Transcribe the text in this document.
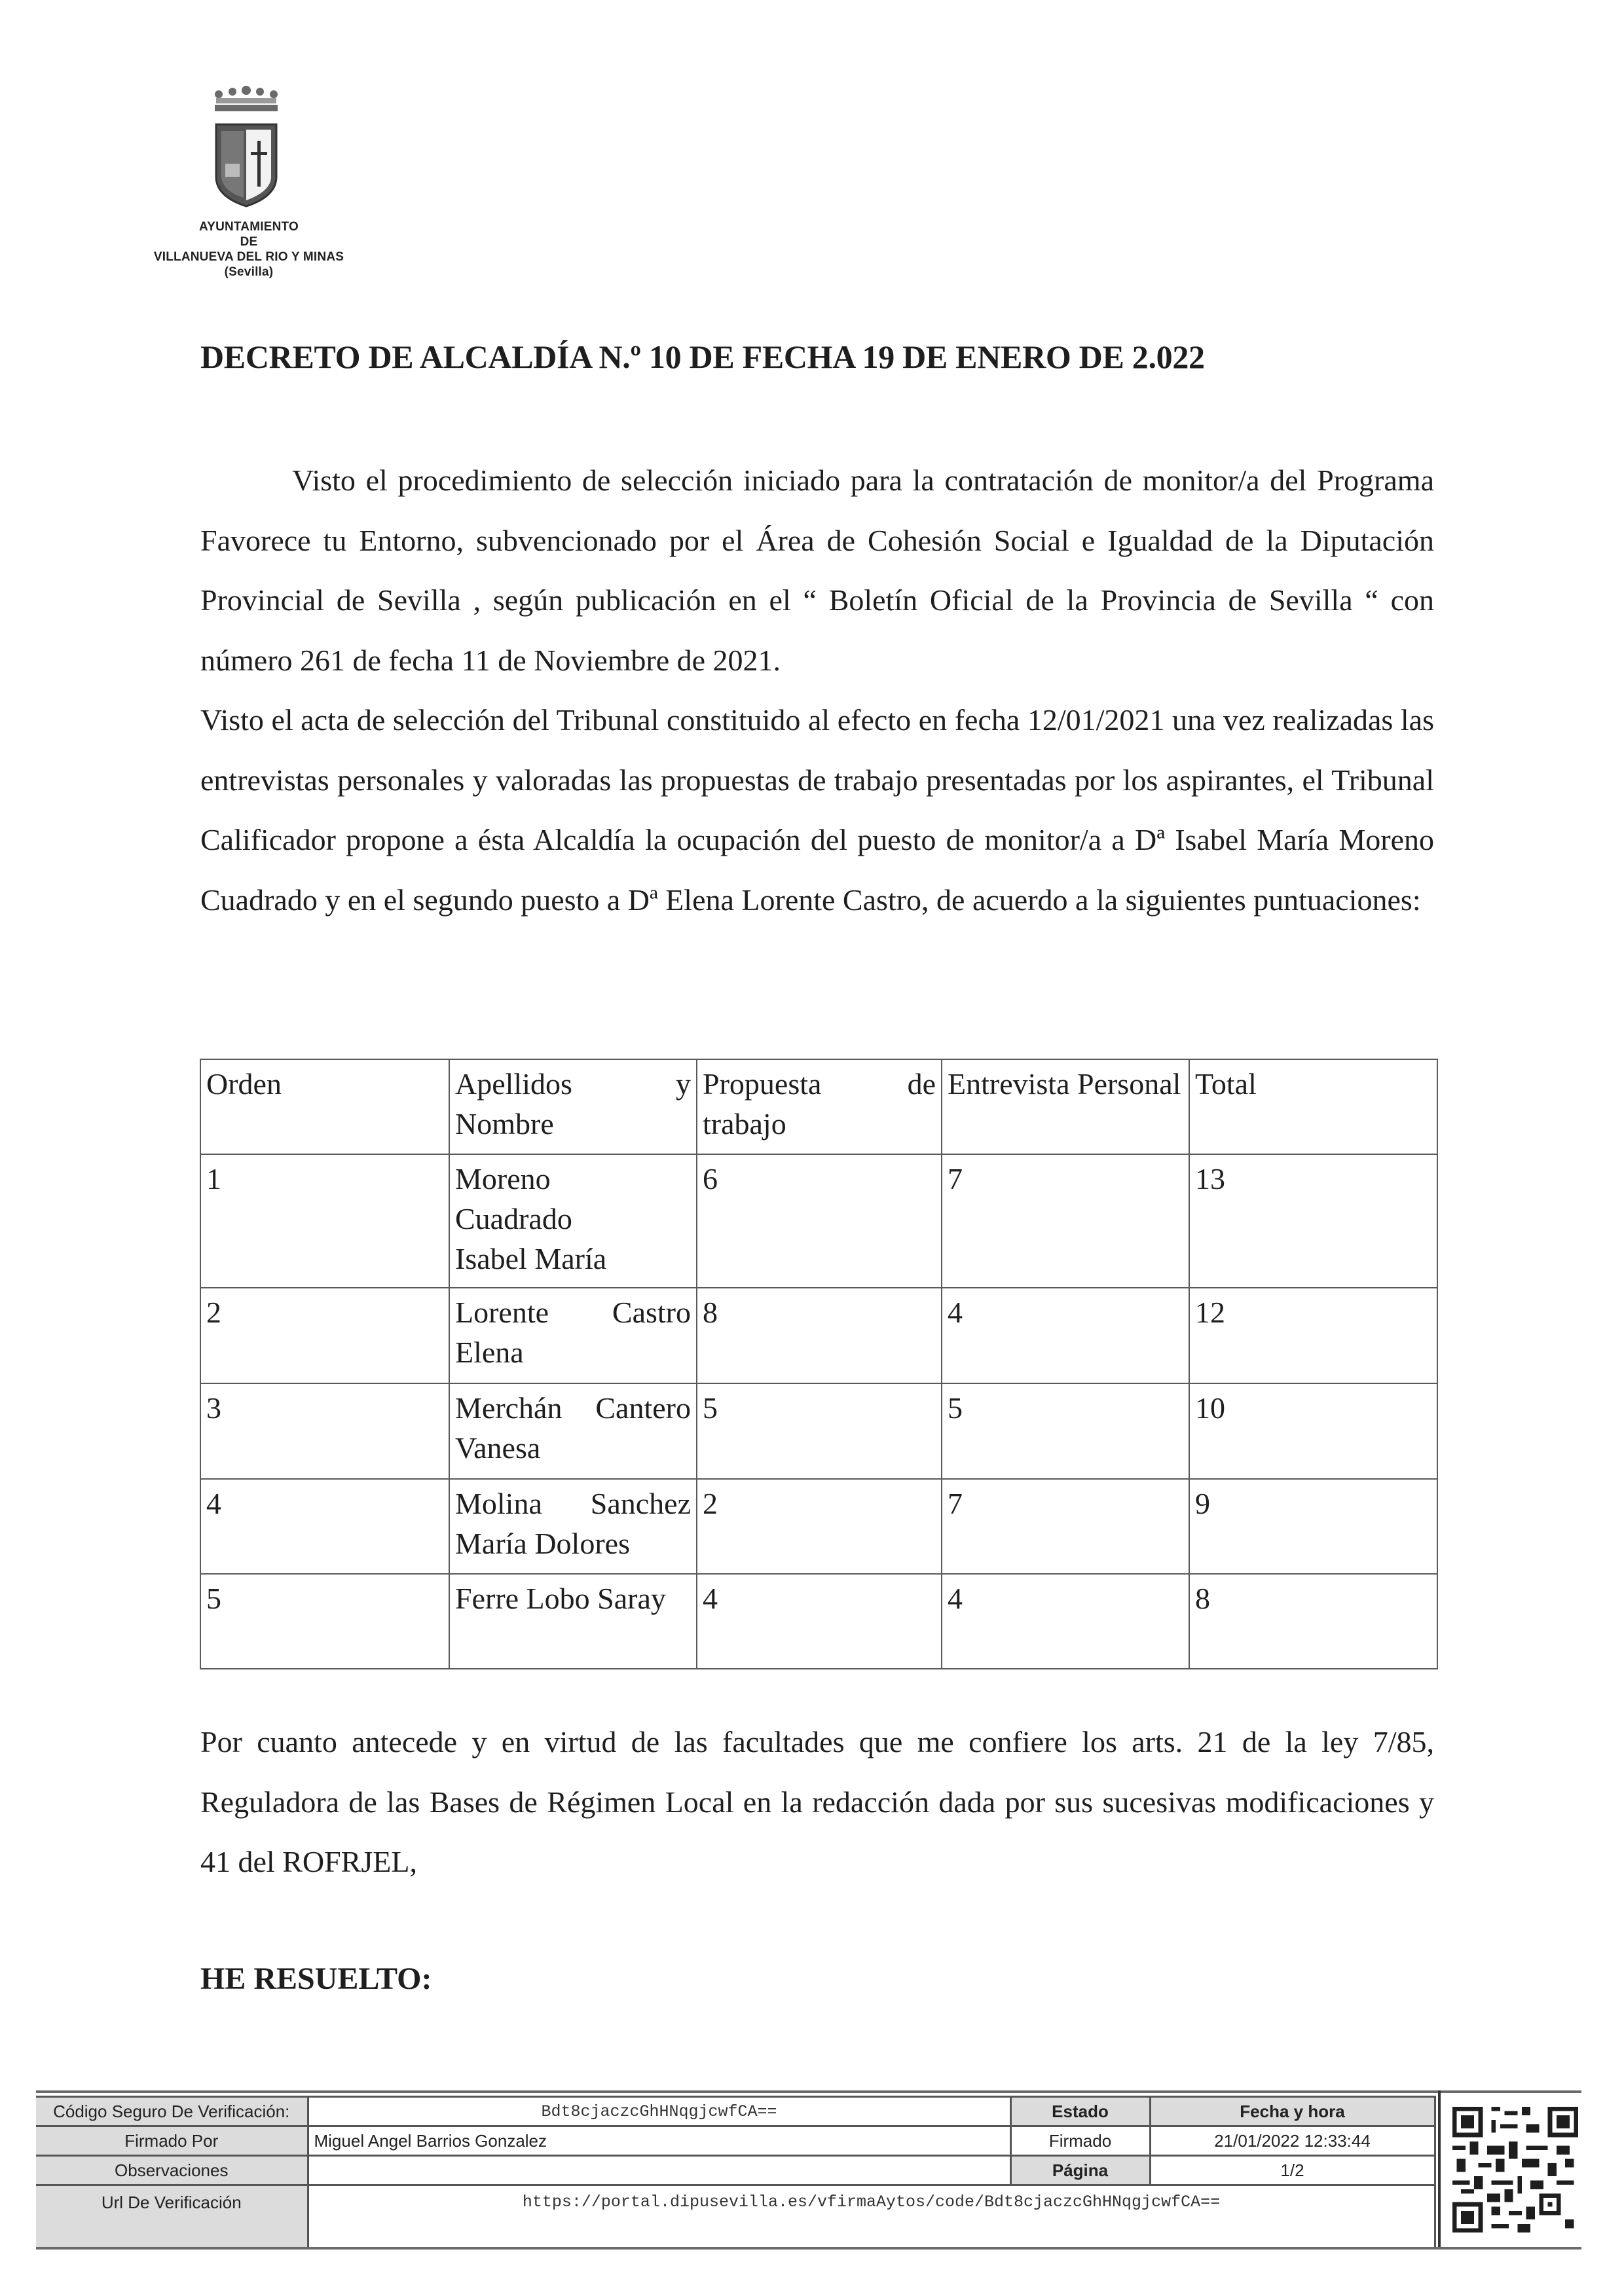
AYUNTAMIENTO
DE
VILLANUEVA DEL RIO Y MINAS
(Sevilla)
DECRETO DE ALCALDÍA N.º 10 DE FECHA 19 DE ENERO DE 2.022
Visto el procedimiento de selección iniciado para la contratación de monitor/a del Programa Favorece tu Entorno, subvencionado por el Área de Cohesión Social e Igualdad de la Diputación Provincial de Sevilla , según publicación en el “ Boletín Oficial de la Provincia de Sevilla “ con número 261 de fecha 11 de Noviembre de 2021.
Visto el acta de selección del Tribunal constituido al efecto en fecha 12/01/2021 una vez realizadas las entrevistas personales y valoradas las propuestas de trabajo presentadas por los aspirantes, el Tribunal Calificador propone a ésta Alcaldía la ocupación del puesto de monitor/a a Dª Isabel María Moreno Cuadrado y en el segundo puesto a Dª Elena Lorente Castro, de acuerdo a la siguientes puntuaciones:
Orden	Apellidos y Nombre	Propuesta de trabajo	Entrevista Personal	Total
1	Moreno Cuadrado Isabel María	6	7	13
2	Lorente Castro Elena	8	4	12
3	Merchán Cantero Vanesa	5	5	10
4	Molina Sanchez María Dolores	2	7	9
5	Ferre Lobo Saray	4	4	8
Por cuanto antecede y en virtud de las facultades que me confiere los arts. 21 de la ley 7/85, Reguladora de las Bases de Régimen Local en la redacción dada por sus sucesivas modificaciones y 41 del ROFRJEL,
HE RESUELTO:
Código Seguro De Verificación:	Bdt8cjaczcGhHNqgjcwfCA==	Estado	Fecha y hora
Firmado Por	Miguel Angel Barrios Gonzalez	Firmado	21/01/2022 12:33:44
Observaciones		Página	1/2
Url De Verificación	https://portal.dipusevilla.es/vfirmaAytos/code/Bdt8cjaczcGhHNqgjcwfCA==		
